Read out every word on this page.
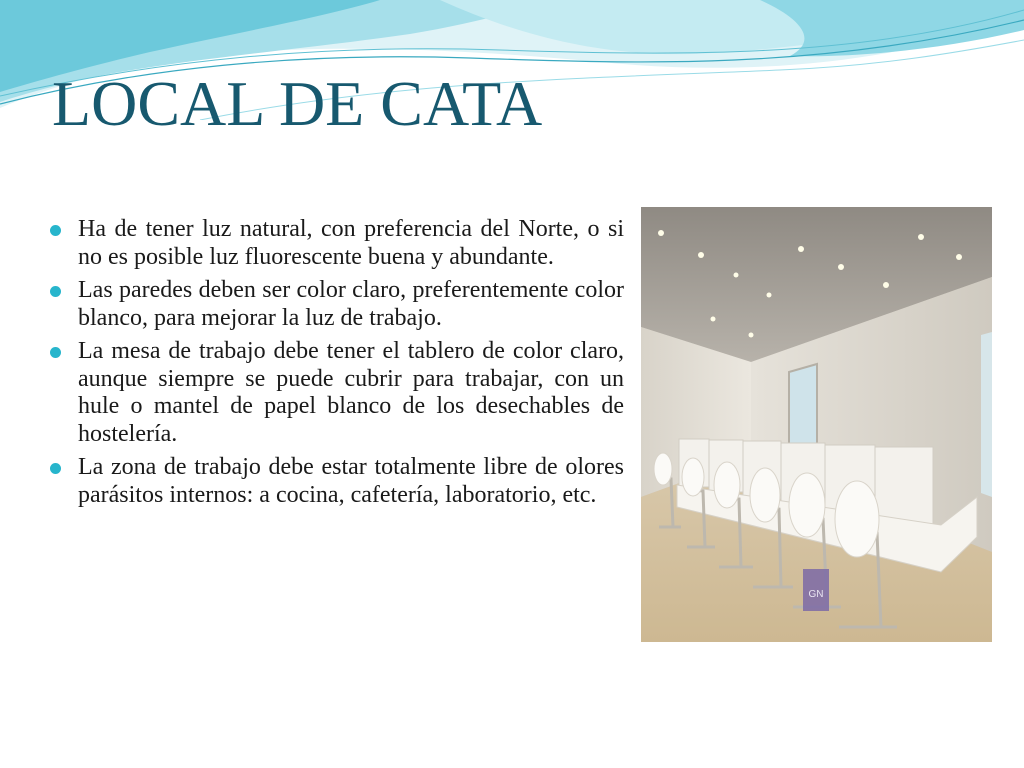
LOCAL DE CATA
Ha de tener luz natural, con preferencia del Norte, o si no es posible luz fluorescente buena y abundante.
Las paredes deben ser color claro, preferentemente color blanco, para mejorar la luz de trabajo.
La mesa de trabajo debe tener el tablero de color claro, aunque siempre se puede cubrir para trabajar, con un hule o mantel de papel blanco de los desechables de hostelería.
La zona de trabajo debe estar totalmente libre de olores parásitos internos: a cocina, cafetería, laboratorio, etc.
GN
